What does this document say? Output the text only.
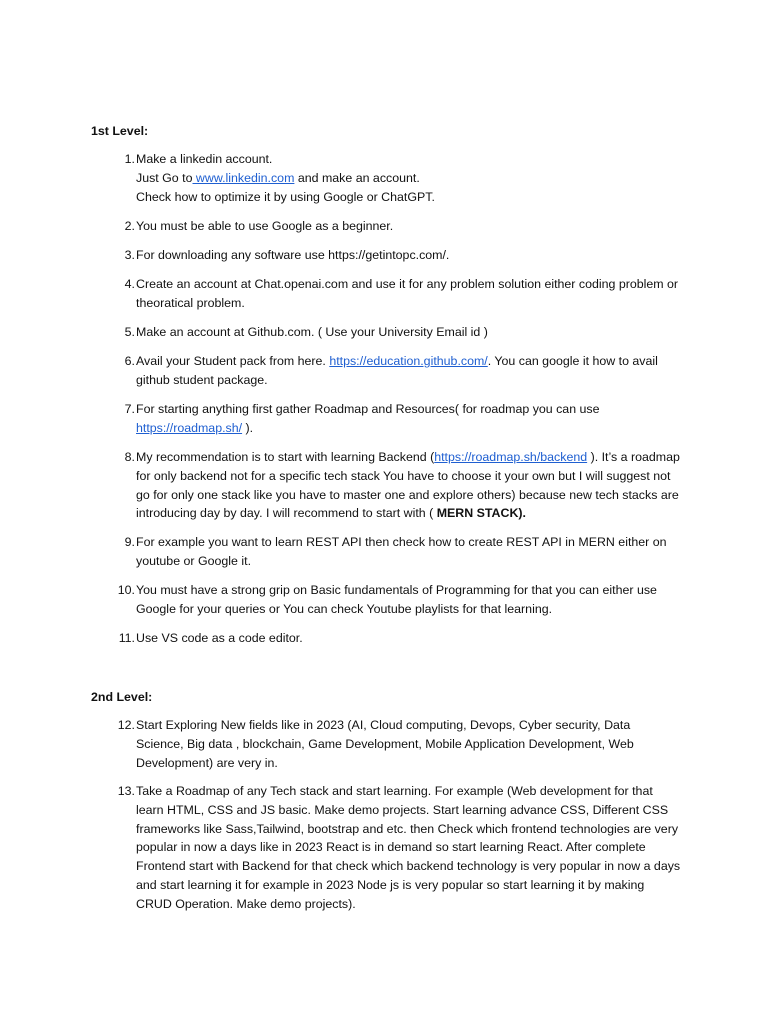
1st Level:
1. Make a linkedin account.
Just Go to www.linkedin.com and make an account.
Check how to optimize it by using Google or ChatGPT.
2. You must be able to use Google as a beginner.
3. For downloading any software use https://getintopc.com/.
4. Create an account at Chat.openai.com and use it for any problem solution either coding problem or theoratical problem.
5. Make an account at Github.com. ( Use your University Email id )
6. Avail your Student pack from here. https://education.github.com/. You can google it how to avail github student package.
7. For starting anything first gather Roadmap and Resources( for roadmap you can use https://roadmap.sh/ ).
8. My recommendation is to start with learning Backend (https://roadmap.sh/backend ). It’s a roadmap for only backend not for a specific tech stack You have to choose it your own but I will suggest not go for only one stack like you have to master one and explore others) because new tech stacks are introducing day by day. I will recommend to start with ( MERN STACK).
9. For example you want to learn REST API then check how to create REST API in MERN either on youtube or Google it.
10. You must have a strong grip on Basic fundamentals of Programming for that you can either use Google for your queries or You can check Youtube playlists for that learning.
11. Use VS code as a code editor.
2nd Level:
12. Start Exploring New fields like in 2023 (AI, Cloud computing, Devops, Cyber security, Data Science, Big data , blockchain, Game Development, Mobile Application Development, Web Development) are very in.
13. Take a Roadmap of any Tech stack and start learning. For example (Web development for that learn HTML, CSS and JS basic. Make demo projects. Start learning advance CSS, Different CSS frameworks like Sass,Tailwind, bootstrap and etc. then Check which frontend technologies are very popular in now a days like in 2023 React is in demand so start learning React. After complete Frontend start with Backend for that check which backend technology is very popular in now a days and start learning it for example in 2023 Node js is very popular so start learning it by making CRUD Operation. Make demo projects).
